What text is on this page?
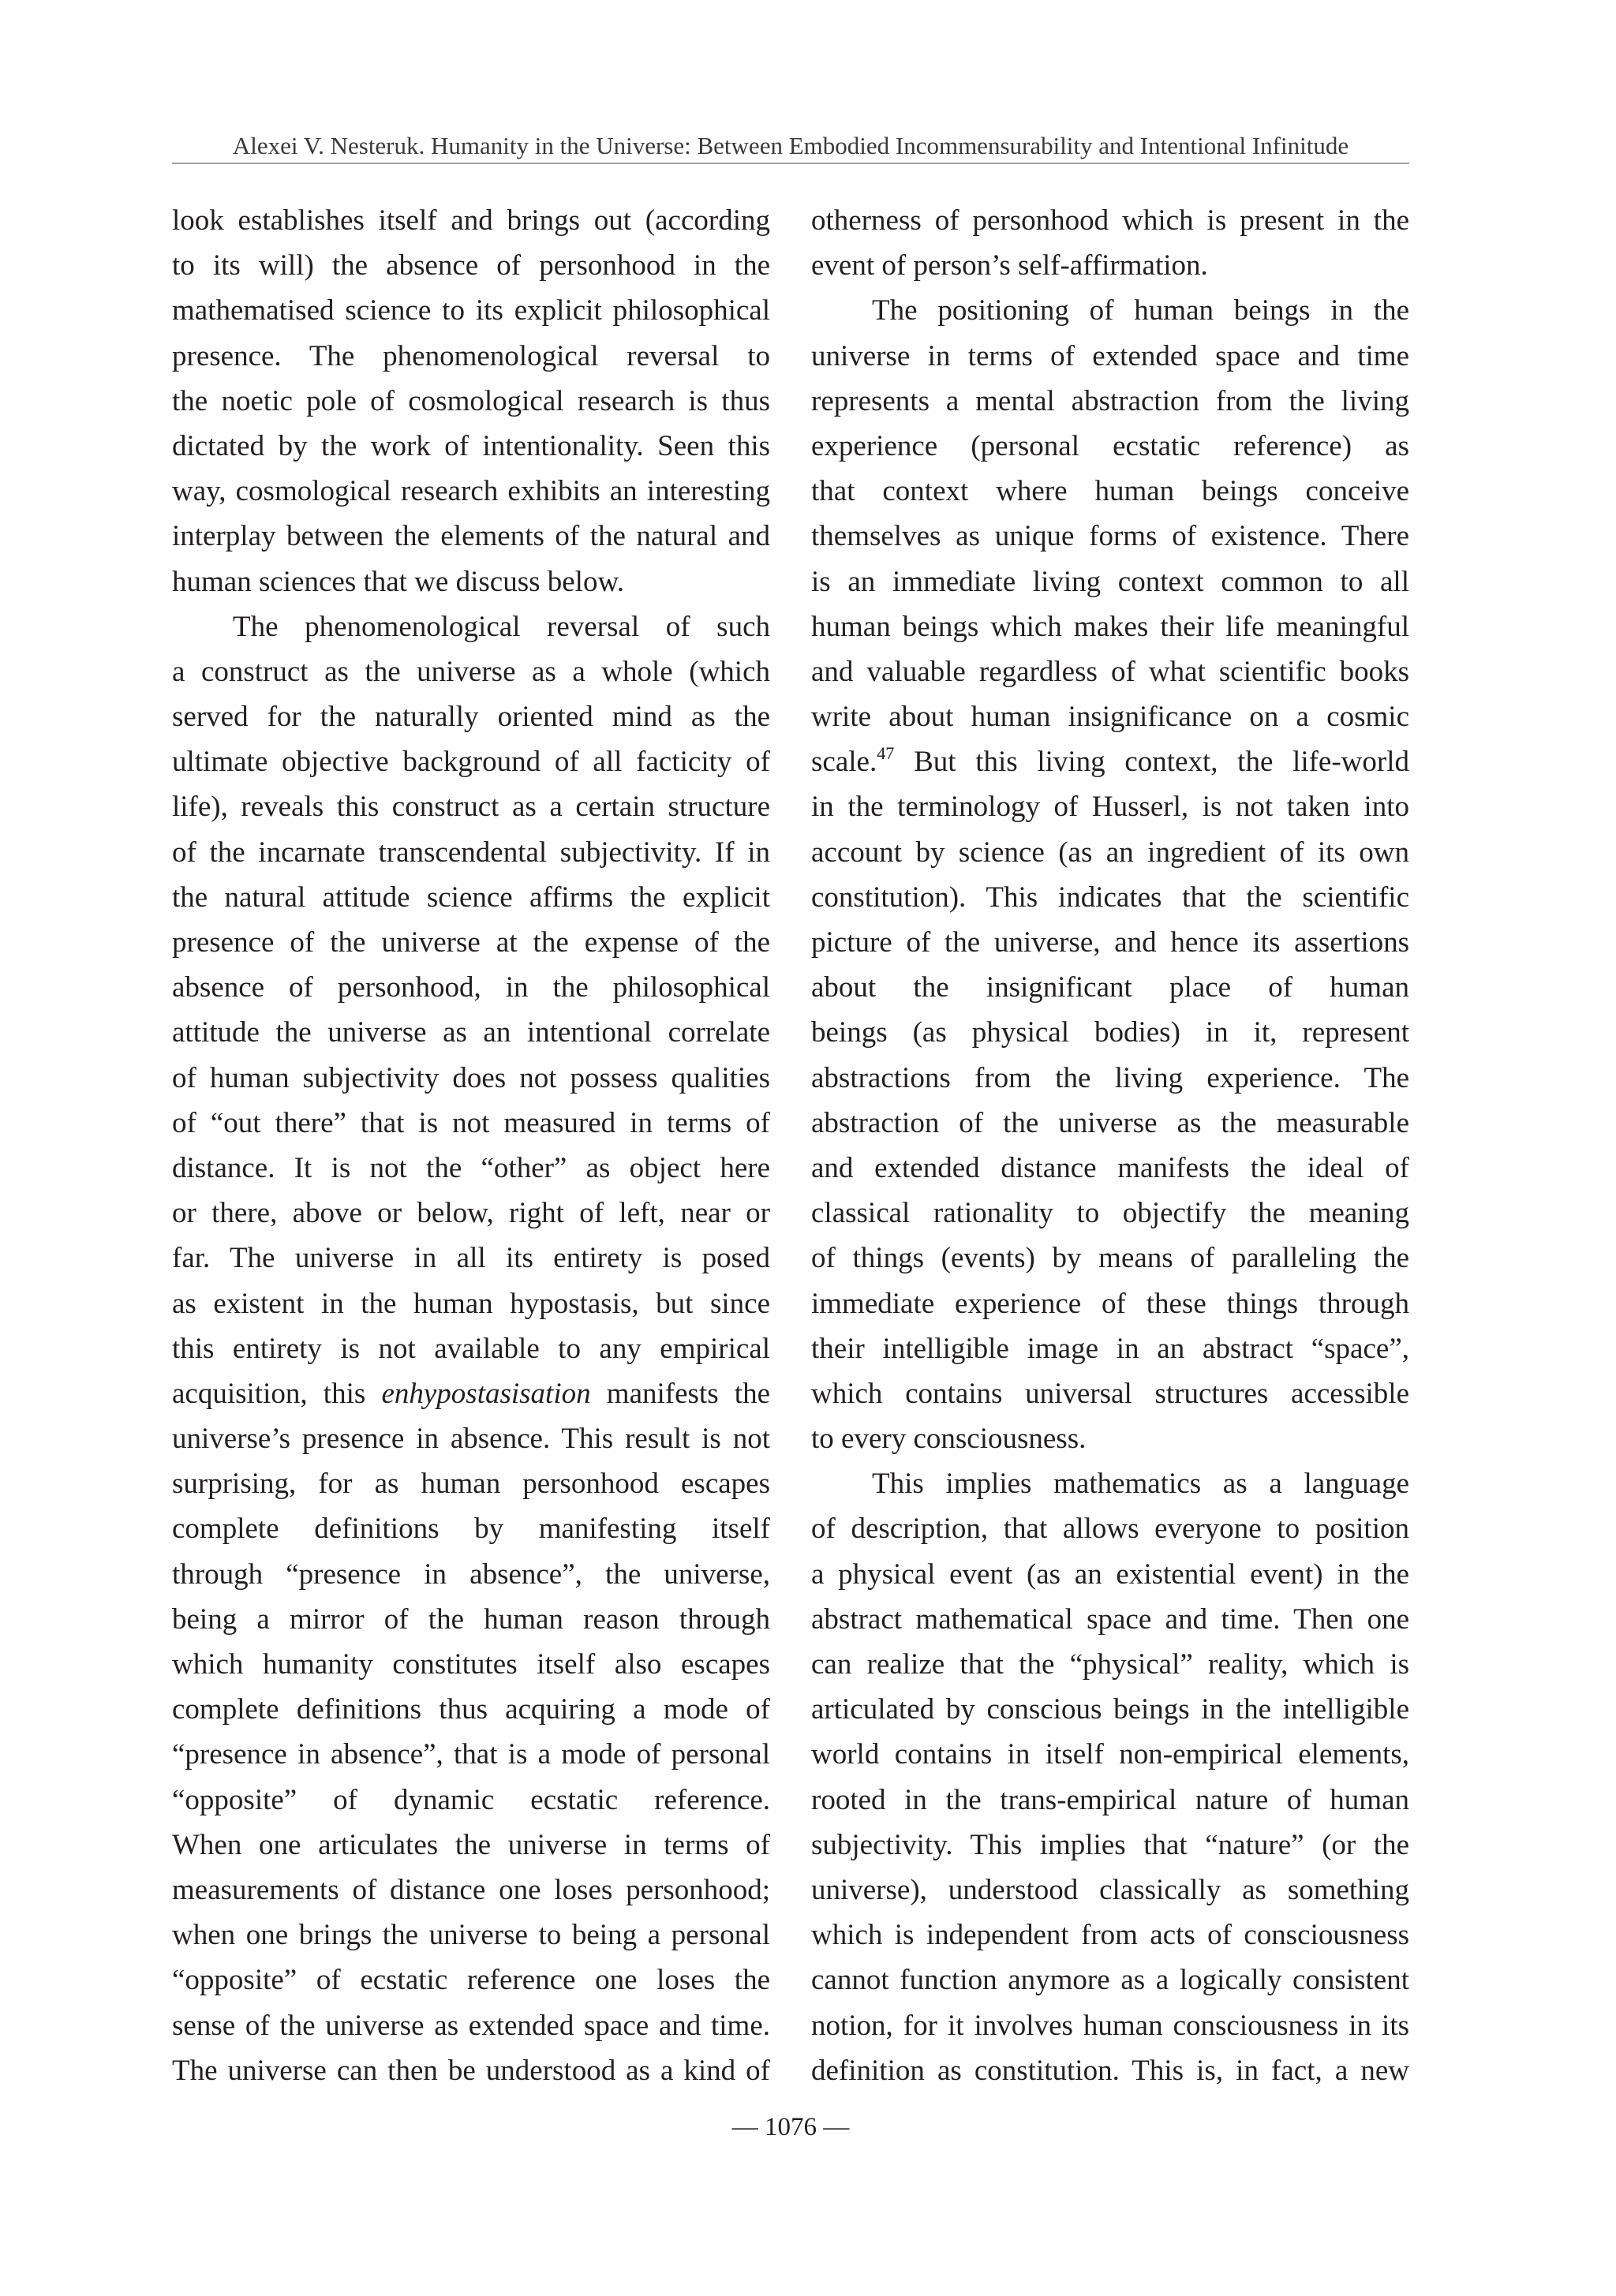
Alexei V. Nesteruk. Humanity in the Universe: Between Embodied Incommensurability and Intentional Infinitude
look establishes itself and brings out (according
to its will) the absence of personhood in the
mathematised science to its explicit philosophical
presence. The phenomenological reversal to
the noetic pole of cosmological research is thus
dictated by the work of intentionality. Seen this
way, cosmological research exhibits an interesting
interplay between the elements of the natural and
human sciences that we discuss below.
The phenomenological reversal of such
a construct as the universe as a whole (which
served for the naturally oriented mind as the
ultimate objective background of all facticity of
life), reveals this construct as a certain structure
of the incarnate transcendental subjectivity. If in
the natural attitude science affirms the explicit
presence of the universe at the expense of the
absence of personhood, in the philosophical
attitude the universe as an intentional correlate
of human subjectivity does not possess qualities
of “out there” that is not measured in terms of
distance. It is not the “other” as object here
or there, above or below, right of left, near or
far. The universe in all its entirety is posed
as existent in the human hypostasis, but since
this entirety is not available to any empirical
acquisition, this enhypostasisation manifests the
universe’s presence in absence. This result is not
surprising, for as human personhood escapes
complete definitions by manifesting itself
through “presence in absence”, the universe,
being a mirror of the human reason through
which humanity constitutes itself also escapes
complete definitions thus acquiring a mode of
“presence in absence”, that is a mode of personal
“opposite” of dynamic ecstatic reference.
When one articulates the universe in terms of
measurements of distance one loses personhood;
when one brings the universe to being a personal
“opposite” of ecstatic reference one loses the
sense of the universe as extended space and time.
The universe can then be understood as a kind of
otherness of personhood which is present in the
event of person’s self-affirmation.
The positioning of human beings in the
universe in terms of extended space and time
represents a mental abstraction from the living
experience (personal ecstatic reference) as
that context where human beings conceive
themselves as unique forms of existence. There
is an immediate living context common to all
human beings which makes their life meaningful
and valuable regardless of what scientific books
write about human insignificance on a cosmic
scale.$^{47}$ But this living context, the life-world
in the terminology of Husserl, is not taken into
account by science (as an ingredient of its own
constitution). This indicates that the scientific
picture of the universe, and hence its assertions
about the insignificant place of human
beings (as physical bodies) in it, represent
abstractions from the living experience. The
abstraction of the universe as the measurable
and extended distance manifests the ideal of
classical rationality to objectify the meaning
of things (events) by means of paralleling the
immediate experience of these things through
their intelligible image in an abstract “space”,
which contains universal structures accessible
to every consciousness.
This implies mathematics as a language
of description, that allows everyone to position
a physical event (as an existential event) in the
abstract mathematical space and time. Then one
can realize that the “physical” reality, which is
articulated by conscious beings in the intelligible
world contains in itself non-empirical elements,
rooted in the trans-empirical nature of human
subjectivity. This implies that “nature” (or the
universe), understood classically as something
which is independent from acts of consciousness
cannot function anymore as a logically consistent
notion, for it involves human consciousness in its
definition as constitution. This is, in fact, a new
— 1076 —
